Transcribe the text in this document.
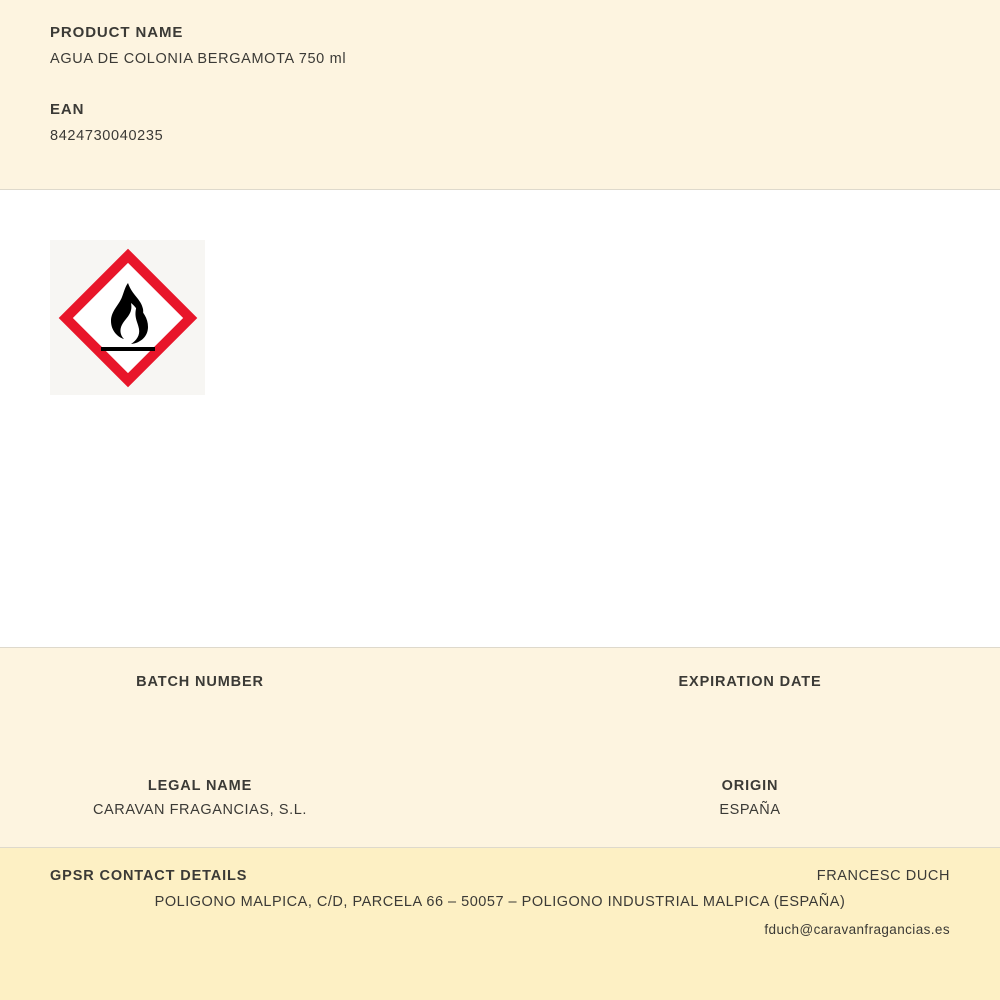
PRODUCT NAME
AGUA DE COLONIA BERGAMOTA 750 ml
EAN
8424730040235
BATCH NUMBER	EXPIRATION DATE
LEGAL NAME
CARAVAN FRAGANCIAS, S.L.
ORIGIN
ESPAÑA
GPSR CONTACT DETAILS	FRANCESC DUCH
POLIGONO MALPICA, C/D, PARCELA 66 – 50057 – POLIGONO INDUSTRIAL MALPICA (ESPAÑA)
fduch@caravanfragancias.es
